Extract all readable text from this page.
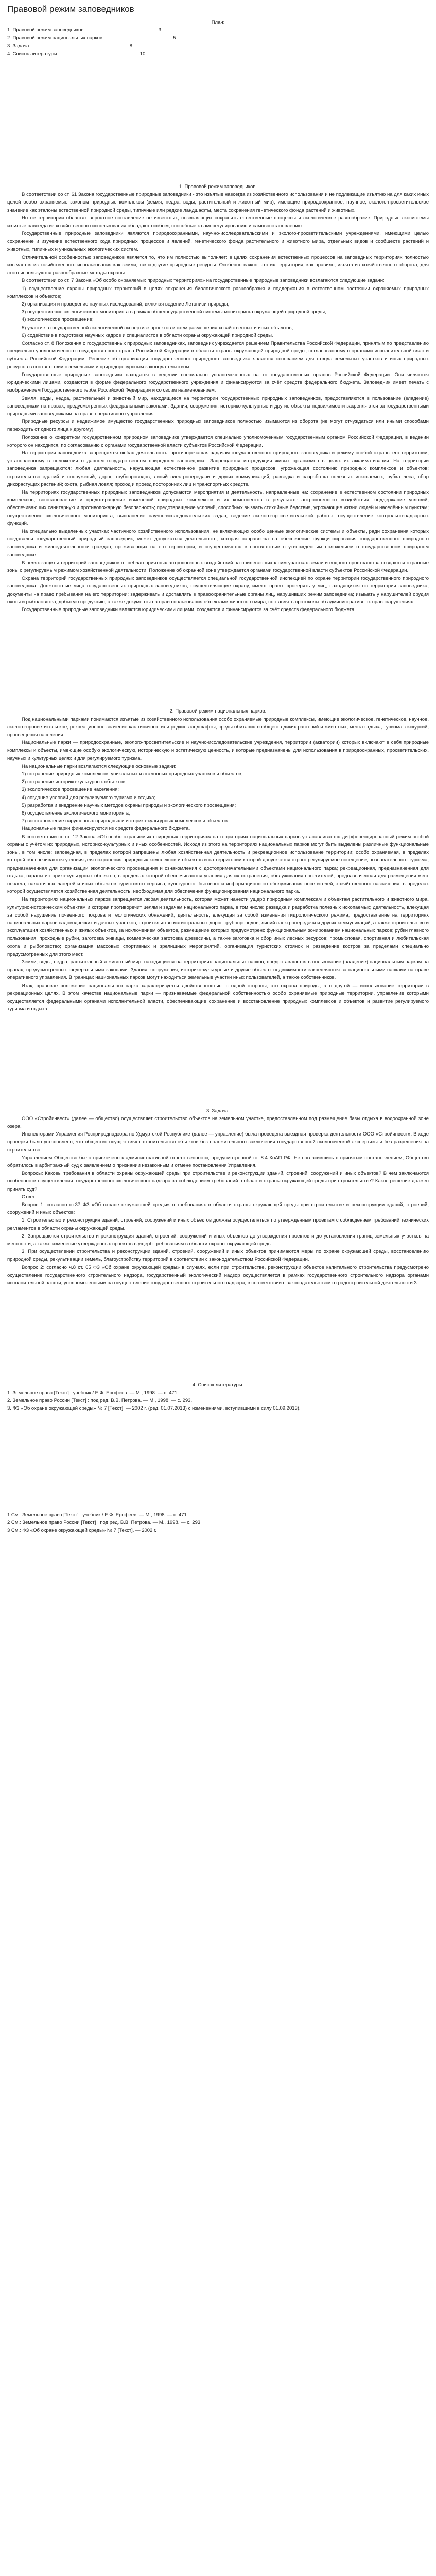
Правовой режим заповедников

План:

1. Правовой режим заповедников.......................................................3

2. Правовой режим национальных парков....................................................5

3. Задача..........................................................................8

4. Список литературы.............................................................10

1. Правовой режим заповедников.

В соответствии со ст. 61 Закона государственные природные заповедники - это изъятые навсегда из хозяйственного использования и не подлежащие изъятию на для каких иных целей особо охраняемые законом природные комплексы (земля, недра, воды, растительный и животный мир), имеющие природоохранное, научное, эколого-просветительское значение как эталоны естественной природной среды, типичные или редкие ландшафты, места сохранения генетического фонда растений и животных.

Но не территории областях вероятное составление не известных, позволяющих сохранять естественные процессы и экологическое разнообразие. Природные экосистемы изъятые навсегда из хозяйственного использования обладают особым, способные к саморегулированию и самовосстановлению.

Государственные природные заповедники являются природоохранными, научно-исследовательскими и эколого-просветительскими учреждениями, имеющими целью сохранение и изучение естественного хода природных процессов и явлений, генетического фонда растительного и животного мира, отдельных видов и сообществ растений и животных, типичных и уникальных экологических систем.

Отличительной особенностью заповедников является то, что им полностью выполняет: в целях сохранения естественных процессов на заповедных территориях полностью изымается из хозяйственного использования как земли, так и другие природные ресурсы. Особенно важно, что их территория, как правило, изъята из хозяйственного оборота, для этого используются разнообразные методы охраны.

В соответствии со ст. 7 Закона «Об особо охраняемых природных территориях» на государственные природные заповедники возлагаются следующие задачи:

1) осуществление охраны природных территорий в целях сохранения биологического разнообразия и поддержания в естественном состоянии охраняемых природных комплексов и объектов;

2) организация и проведение научных исследований, включая ведение Летописи природы;

3) осуществление экологического мониторинга в рамках общегосударственной системы мониторинга окружающей природной среды;

4) экологическое просвещение;

5) участие в государственной экологической экспертизе проектов и схем размещения хозяйственных и иных объектов;

6) содействие в подготовке научных кадров и специалистов в области охраны окружающей природной среды.

Согласно ст. 8 Положения о государственных природных заповедниках, заповедник учреждается решением Правительства Российской Федерации, принятым по представлению специально уполномоченного государственного органа Российской Федерации в области охраны окружающей природной среды, согласованному с органами исполнительной власти субъекта Российской Федерации. Решение об организации государственного природного заповедника является основанием для отвода земельных участков и иных природных ресурсов в соответствии с земельным и природоресурсным законодательством.

Государственные природные заповедники находятся в ведении специально уполномоченных на то государственных органов Российской Федерации. Они являются юридическими лицами, создаются в форме федерального государственного учреждения и финансируются за счёт средств федерального бюджета. Заповедник имеет печать с изображением Государственного герба Российской Федерации и со своим наименованием.

Земля, воды, недра, растительный и животный мир, находящиеся на территории государственных природных заповедников, предоставляются в пользование (владение) заповедникам на правах, предусмотренных федеральными законами. Здания, сооружения, историко-культурные и другие объекты недвижимости закрепляются за государственными природными заповедниками на праве оперативного управления.

Природные ресурсы и недвижимое имущество государственных природных заповедников полностью изымаются из оборота (не могут отчуждаться или иными способами переходить от одного лица к другому).

Положение о конкретном государственном природном заповеднике утверждается специально уполномоченным государственным органом Российской Федерации, в ведении которого он находится, по согласованию с органами государственной власти субъектов Российской Федерации.

На территории заповедника запрещается любая деятельность, противоречащая задачам государственного природного заповедника и режиму особой охраны его территории, установленному в положении о данном государственном природном заповеднике. Запрещается интродукция живых организмов в целях их акклиматизации. На территории заповедника запрещаются: любая деятельность, нарушающая естественное развитие природных процессов, угрожающая состоянию природных комплексов и объектов; строительство зданий и сооружений, дорог, трубопроводов, линий электропередачи и других коммуникаций; разведка и разработка полезных ископаемых; рубка леса, сбор дикорастущих растений; охота, рыбная ловля; проход и проезд посторонних лиц и транспортных средств.

На территориях государственных природных заповедников допускаются мероприятия и деятельность, направленные на: сохранение в естественном состоянии природных комплексов, восстановление и предотвращение изменений природных комплексов и их компонентов в результате антропогенного воздействия; поддержание условий, обеспечивающих санитарную и противопожарную безопасность; предотвращение условий, способных вызвать стихийные бедствия, угрожающие жизни людей и населённым пунктам; осуществление экологического мониторинга; выполнение научно-исследовательских задач; ведение эколого-просветительской работы; осуществление контрольно-надзорных функций.

На специально выделенных участках частичного хозяйственного использования, не включающих особо ценные экологические системы и объекты, ради сохранения которых создавался государственный природный заповедник, может допускаться деятельность, которая направлена на обеспечение функционирования государственного природного заповедника и жизнедеятельности граждан, проживающих на его территории, и осуществляется в соответствии с утверждённым положением о государственном природном заповеднике.

В целях защиты территорий заповедников от неблагоприятных антропогенных воздействий на прилегающих к ним участках земли и водного пространства создаются охранные зоны с регулируемым режимом хозяйственной деятельности. Положение об охранной зоне утверждается органами государственной власти субъектов Российской Федерации.

Охрана территорий государственных природных заповедников осуществляется специальной государственной инспекцией по охране территории государственного природного заповедника. Должностные лица государственных природных заповедников, осуществляющие охрану, имеют право: проверять у лиц, находящихся на территории заповедника, документы на право пребывания на его территории; задерживать и доставлять в правоохранительные органы лиц, нарушивших режим заповедника; изымать у нарушителей орудия охоты и рыболовства, добытую продукцию, а также документы на право пользования объектами животного мира; составлять протоколы об административных правонарушениях.

Государственные природные заповедники являются юридическими лицами, создаются и финансируются за счёт средств федерального бюджета.

2. Правовой режим национальных парков.

Под национальными парками понимаются изъятые из хозяйственного использования особо охраняемые природные комплексы, имеющие экологическое, генетическое, научное, эколого-просветительское, рекреационное значение как типичные или редкие ландшафты, среды обитания сообществ диких растений и животных, места отдыха, туризма, экскурсий, просвещения населения.

Национальные парки — природоохранные, эколого-просветительские и научно-исследовательские учреждения, территории (акватории) которых включают в себя природные комплексы и объекты, имеющие особую экологическую, историческую и эстетическую ценность, и которые предназначены для использования в природоохранных, просветительских, научных и культурных целях и для регулируемого туризма.

На национальные парки возлагаются следующие основные задачи:

1) сохранение природных комплексов, уникальных и эталонных природных участков и объектов;

2) сохранение историко-культурных объектов;

3) экологическое просвещение населения;

4) создание условий для регулируемого туризма и отдыха;

5) разработка и внедрение научных методов охраны природы и экологического просвещения;

6) осуществление экологического мониторинга;

7) восстановление нарушенных природных и историко-культурных комплексов и объектов.

Национальные парки финансируются из средств федерального бюджета.

В соответствии со ст. 12 Закона «Об особо охраняемых природных территориях» на территориях национальных парков устанавливается дифференцированный режим особой охраны с учётом их природных, историко-культурных и иных особенностей. Исходя из этого на территориях национальных парков могут быть выделены различные функциональные зоны, в том числе: заповедная, в пределах которой запрещены любая хозяйственная деятельность и рекреационное использование территории; особо охраняемая, в пределах которой обеспечиваются условия для сохранения природных комплексов и объектов и на территории которой допускается строго регулируемое посещение; познавательного туризма, предназначенная для организации экологического просвещения и ознакомления с достопримечательными объектами национального парка; рекреационная, предназначенная для отдыха; охраны историко-культурных объектов, в пределах которой обеспечиваются условия для их сохранения; обслуживания посетителей, предназначенная для размещения мест ночлега, палаточных лагерей и иных объектов туристского сервиса, культурного, бытового и информационного обслуживания посетителей; хозяйственного назначения, в пределах которой осуществляется хозяйственная деятельность, необходимая для обеспечения функционирования национального парка.

На территориях национальных парков запрещается любая деятельность, которая может нанести ущерб природным комплексам и объектам растительного и животного мира, культурно-историческим объектам и которая противоречит целям и задачам национального парка, в том числе: разведка и разработка полезных ископаемых; деятельность, влекущая за собой нарушение почвенного покрова и геологических обнажений; деятельность, влекущая за собой изменения гидрологического режима; предоставление на территориях национальных парков садоводческих и дачных участков; строительство магистральных дорог, трубопроводов, линий электропередачи и других коммуникаций, а также строительство и эксплуатация хозяйственных и жилых объектов, за исключением объектов, размещение которых предусмотрено функциональным зонированием национальных парков; рубки главного пользования, проходные рубки, заготовка живицы, коммерческая заготовка древесины, а также заготовка и сбор иных лесных ресурсов; промысловая, спортивная и любительская охота и рыболовство; организация массовых спортивных и зрелищных мероприятий, организация туристских стоянок и разведение костров за пределами специально предусмотренных для этого мест.

Земли, воды, недра, растительный и животный мир, находящиеся на территориях национальных парков, предоставляются в пользование (владение) национальным паркам на правах, предусмотренных федеральными законами. Здания, сооружения, историко-культурные и другие объекты недвижимости закрепляются за национальными парками на праве оперативного управления. В границах национальных парков могут находиться земельные участки иных пользователей, а также собственников.

Итак, правовое положение национального парка характеризуется двойственностью: с одной стороны, это охрана природы, а с другой — использование территории в рекреационных целях. В этом качестве национальные парки — признаваемые федеральной собственностью особо охраняемые природные территории, управление которыми осуществляется федеральными органами исполнительной власти, обеспечивающие сохранение и восстановление природных комплексов и объектов и развитие регулируемого туризма и отдыха.

3. Задача.

ООО «Стройинвест» (далее — общество) осуществляет строительство объектов на земельном участке, предоставленном под размещение базы отдыха в водоохранной зоне озера.

Инспекторами Управления Росприроднадзора по Удмуртской Республике (далее — управление) была проведена выездная проверка деятельности ООО «Стройинвест». В ходе проверки было установлено, что общество осуществляет строительство объектов без положительного заключения государственной экологической экспертизы и без разрешения на строительство.

Управлением Общество было привлечено к административной ответственности, предусмотренной ст. 8.4 КоАП РФ. Не согласившись с принятым постановлением, Общество обратилось в арбитражный суд с заявлением о признании незаконным и отмене постановления Управления.

Вопросы: Каковы требования в области охраны окружающей среды при строительстве и реконструкции зданий, строений, сооружений и иных объектов? В чем заключаются особенности осуществления государственного экологического надзора за соблюдением требований в области охраны окружающей среды при строительстве? Какое решение должен принять суд?

Ответ:

Вопрос 1: согласно ст.37 ФЗ «Об охране окружающей среды» о требованиях в области охраны окружающей среды при строительстве и реконструкции зданий, строений, сооружений и иных объектов:

1. Строительство и реконструкция зданий, строений, сооружений и иных объектов должны осуществляться по утвержденным проектам с соблюдением требований технических регламентов в области охраны окружающей среды.

2. Запрещаются строительство и реконструкция зданий, строений, сооружений и иных объектов до утверждения проектов и до установления границ земельных участков на местности, а также изменение утвержденных проектов в ущерб требованиям в области охраны окружающей среды.

3. При осуществлении строительства и реконструкции зданий, строений, сооружений и иных объектов принимаются меры по охране окружающей среды, восстановлению природной среды, рекультивации земель, благоустройству территорий в соответствии с законодательством Российской Федерации.

Вопрос 2: согласно ч.8 ст. 65 ФЗ «Об охране окружающей среды» в случаях, если при строительстве, реконструкции объектов капитального строительства предусмотрено осуществление государственного строительного надзора, государственный экологический надзор осуществляется в рамках государственного строительного надзора органами исполнительной власти, уполномоченными на осуществление государственного строительного надзора, в соответствии с законодательством о градостроительной деятельности.3

4. Список литературы.

1. Земельное право [Текст] : учебник / Е.Ф. Ерофеев. — М., 1998. — с. 471.

2. Земельное право России [Текст] : под ред. В.В. Петрова. — М., 1998. — с. 293.

3. ФЗ «Об охране окружающей среды» № 7 [Текст]. — 2002 г. (ред. 01.07.2013) с изменениями, вступившими в силу 01.09.2013).

1 См.: Земельное право [Текст] : учебник / Е.Ф. Ерофеев. — М., 1998. — с. 471.

2 См.: Земельное право России [Текст] : под ред. В.В. Петрова. — М., 1998. — с. 293.

3 См.: ФЗ «Об охране окружающей среды» № 7 [Текст]. — 2002 г.
